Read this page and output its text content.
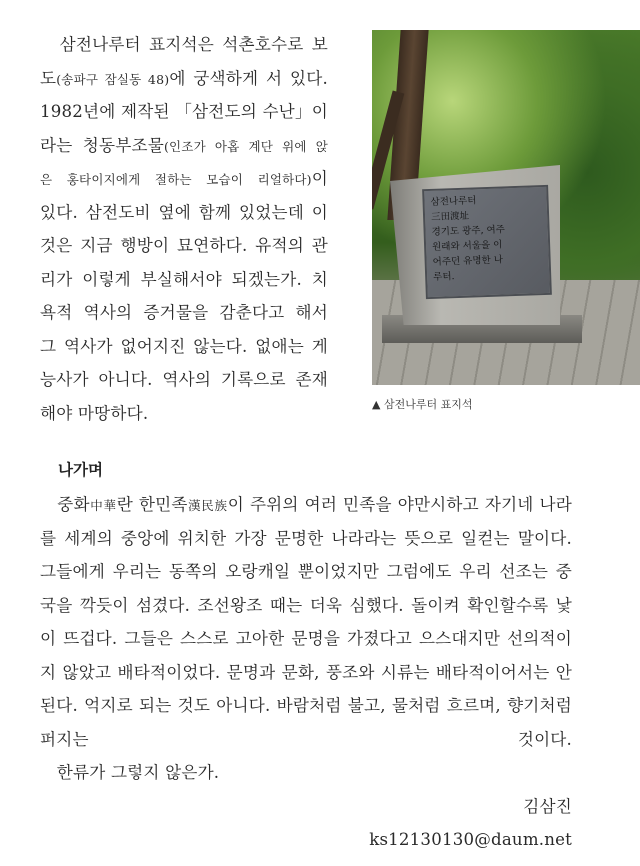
　삼전나루터 표지석은 석촌호수로 보
도(송파구 잠실동 48)에 궁색하게 서 있다.
1982년에 제작된 「삼전도의 수난」이
라는 청동부조물(인조가 아홉 계단 위에 앉
은 홍타이지에게 절하는 모습이 리얼하다)이
있다. 삼전도비 옆에 함께 있었는데 이
것은 지금 행방이 묘연하다. 유적의 관
리가 이렇게 부실해서야 되겠는가. 치
욕적 역사의 증거물을 감춘다고 해서
그 역사가 없어지진 않는다. 없애는 게
능사가 아니다. 역사의 기록으로 존재
해야 마땅하다.
삼전나루터
三田渡址
경기도 광주, 여주
원래와 서울을 이
어주던 유명한 나
루터.
▲ 삼전나루터 표지석
나가며
　중화中華란 한민족漢民族이 주위의 여러 민족을 야만시하고 자기네 나라
를 세계의 중앙에 위치한 가장 문명한 나라라는 뜻으로 일컫는 말이다.
그들에게 우리는 동쪽의 오랑캐일 뿐이었지만 그럼에도 우리 선조는 중
국을 깍듯이 섬겼다. 조선왕조 때는 더욱 심했다. 돌이켜 확인할수록 낯
이 뜨겁다. 그들은 스스로 고아한 문명을 가졌다고 으스대지만 선의적이
지 않았고 배타적이었다. 문명과 문화, 풍조와 시류는 배타적이어서는 안
된다. 억지로 되는 것도 아니다. 바람처럼 불고, 물처럼 흐르며, 향기처럼
퍼지는 것이다.
　한류가 그렇지 않은가.
김삼진
ks12130130@daum.net
